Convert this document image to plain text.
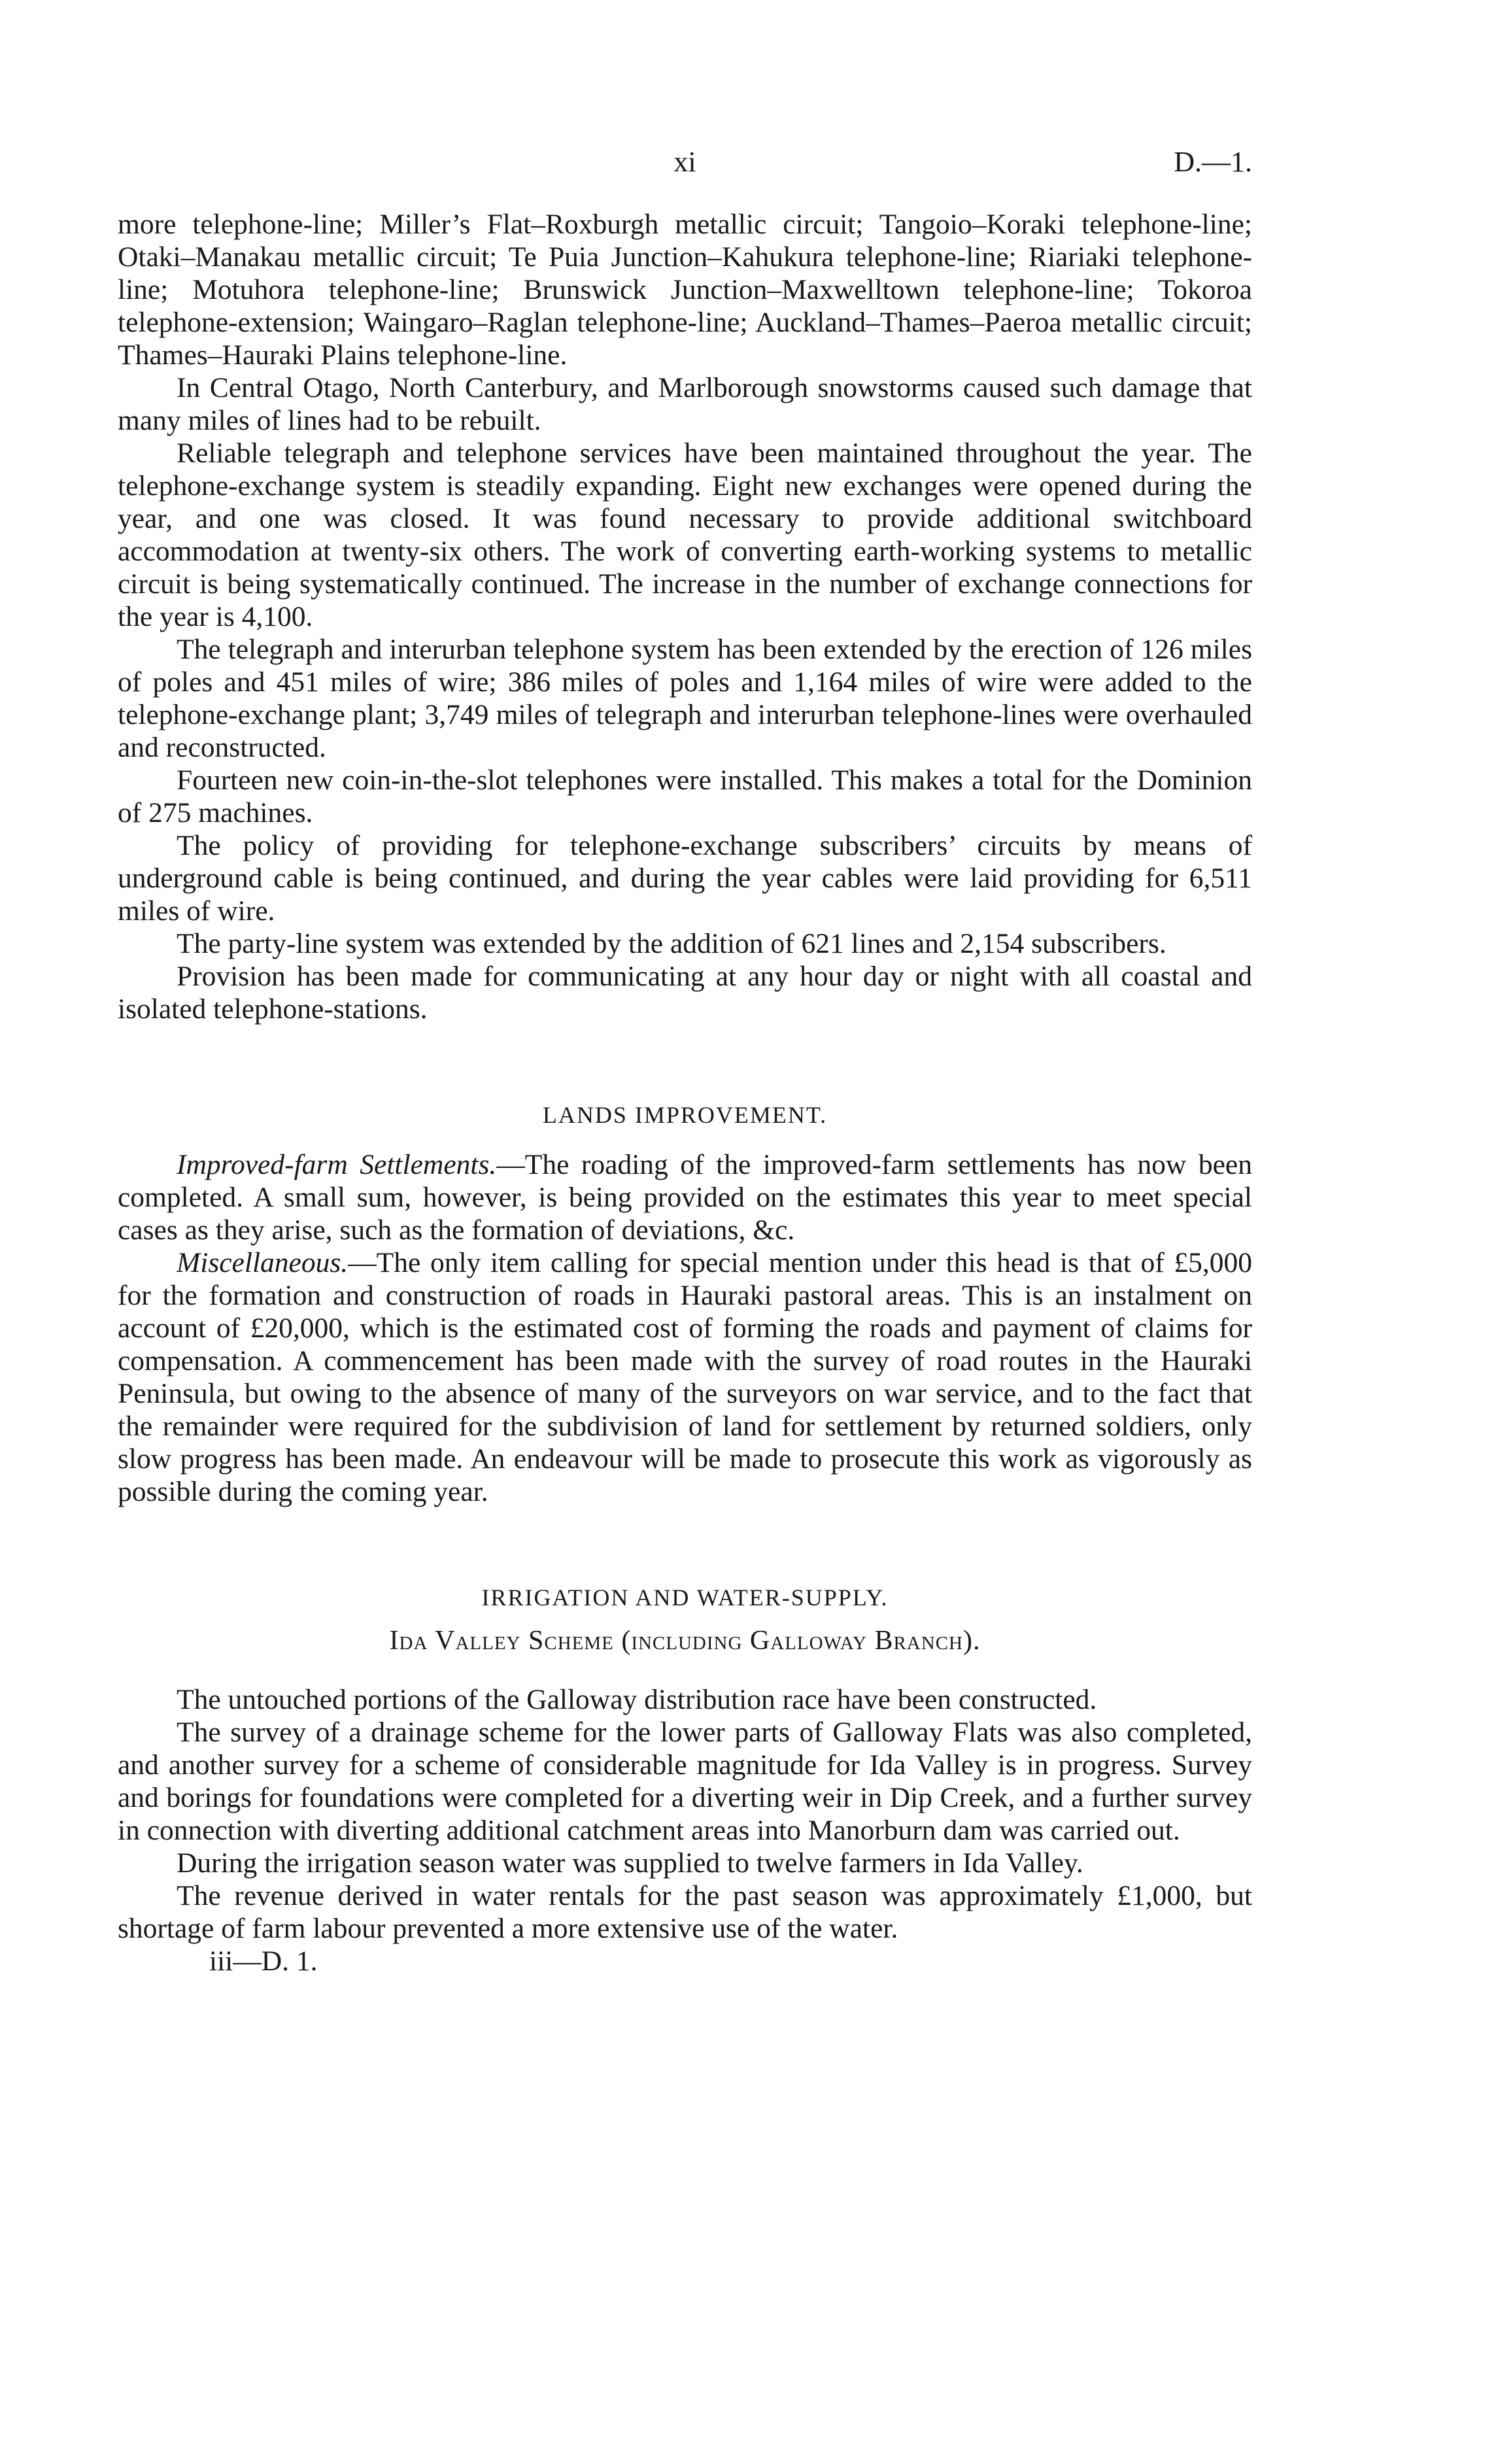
xi	D.—1.

more telephone-line; Miller’s Flat–Roxburgh metallic circuit; Tangoio–Koraki telephone-line; Otaki–Manakau metallic circuit; Te Puia Junction–Kahukura telephone-line; Riariaki telephone-line; Motuhora telephone-line; Brunswick Junction–Maxwelltown telephone-line; Tokoroa telephone-extension; Waingaro–Raglan telephone-line; Auckland–Thames–Paeroa metallic circuit; Thames–Hauraki Plains telephone-line.

In Central Otago, North Canterbury, and Marlborough snowstorms caused such damage that many miles of lines had to be rebuilt.

Reliable telegraph and telephone services have been maintained throughout the year. The telephone-exchange system is steadily expanding. Eight new exchanges were opened during the year, and one was closed. It was found necessary to provide additional switchboard accommodation at twenty-six others. The work of converting earth-working systems to metallic circuit is being systematically continued. The increase in the number of exchange connections for the year is 4,100.

The telegraph and interurban telephone system has been extended by the erection of 126 miles of poles and 451 miles of wire; 386 miles of poles and 1,164 miles of wire were added to the telephone-exchange plant; 3,749 miles of telegraph and interurban telephone-lines were overhauled and reconstructed.

Fourteen new coin-in-the-slot telephones were installed. This makes a total for the Dominion of 275 machines.

The policy of providing for telephone-exchange subscribers’ circuits by means of underground cable is being continued, and during the year cables were laid providing for 6,511 miles of wire.

The party-line system was extended by the addition of 621 lines and 2,154 subscribers.

Provision has been made for communicating at any hour day or night with all coastal and isolated telephone-stations.

LANDS IMPROVEMENT.

Improved-farm Settlements.—The roading of the improved-farm settlements has now been completed. A small sum, however, is being provided on the estimates this year to meet special cases as they arise, such as the formation of deviations, &c.

Miscellaneous.—The only item calling for special mention under this head is that of £5,000 for the formation and construction of roads in Hauraki pastoral areas. This is an instalment on account of £20,000, which is the estimated cost of forming the roads and payment of claims for compensation. A commencement has been made with the survey of road routes in the Hauraki Peninsula, but owing to the absence of many of the surveyors on war service, and to the fact that the remainder were required for the subdivision of land for settlement by returned soldiers, only slow progress has been made. An endeavour will be made to prosecute this work as vigorously as possible during the coming year.

IRRIGATION AND WATER-SUPPLY.

Ida Valley Scheme (including Galloway Branch).

The untouched portions of the Galloway distribution race have been constructed.

The survey of a drainage scheme for the lower parts of Galloway Flats was also completed, and another survey for a scheme of considerable magnitude for Ida Valley is in progress. Survey and borings for foundations were completed for a diverting weir in Dip Creek, and a further survey in connection with diverting additional catchment areas into Manorburn dam was carried out.

During the irrigation season water was supplied to twelve farmers in Ida Valley.

The revenue derived in water rentals for the past season was approximately £1,000, but shortage of farm labour prevented a more extensive use of the water.

iii—D. 1.
